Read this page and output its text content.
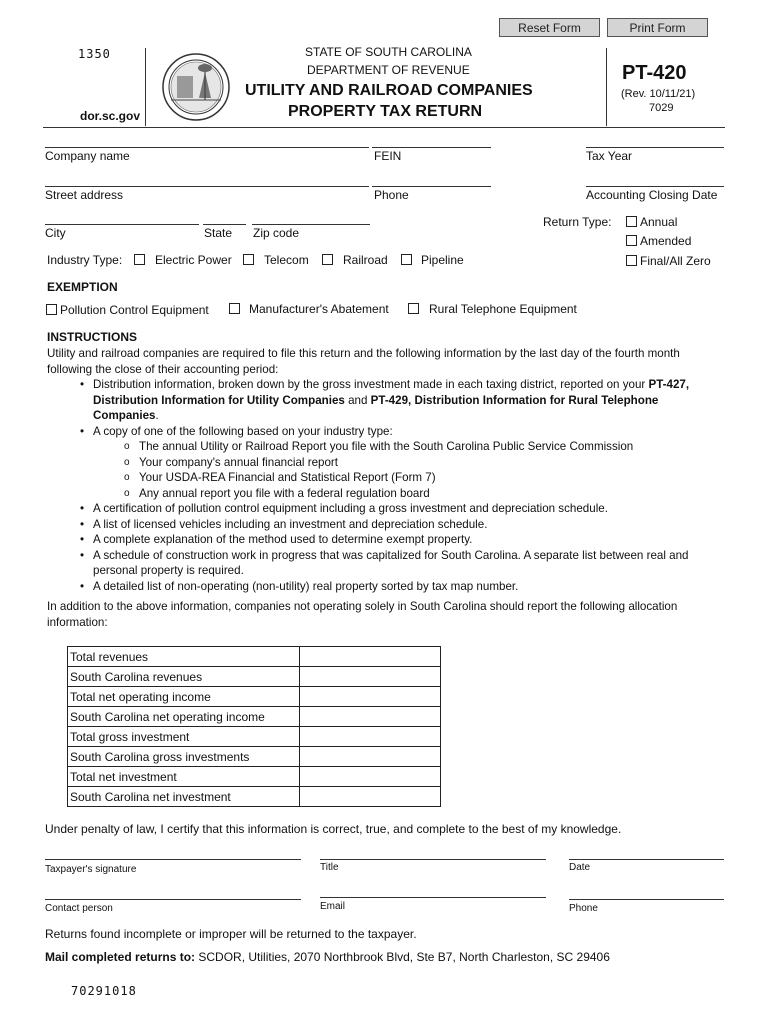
Reset Form	Print Form
1350
dor.sc.gov
STATE OF SOUTH CAROLINA
DEPARTMENT OF REVENUE
UTILITY AND RAILROAD COMPANIES
PROPERTY TAX RETURN
PT-420
(Rev. 10/11/21)
7029
Company name	FEIN	Tax Year
Street address	Phone	Accounting Closing Date
City	State Zip code
Return Type: Annual
Amended
Final/All Zero
Industry Type:	Electric Power	Telecom	Railroad	Pipeline
EXEMPTION
Pollution Control Equipment	Manufacturer's Abatement	Rural Telephone Equipment
INSTRUCTIONS
Utility and railroad companies are required to file this return and the following information by the last day of the fourth month following the close of their accounting period:
• Distribution information, broken down by the gross investment made in each taxing district, reported on your PT-427, Distribution Information for Utility Companies and PT-429, Distribution Information for Rural Telephone Companies.
• A copy of one of the following based on your industry type:
o The annual Utility or Railroad Report you file with the South Carolina Public Service Commission
o Your company's annual financial report
o Your USDA-REA Financial and Statistical Report (Form 7)
o Any annual report you file with a federal regulation board
• A certification of pollution control equipment including a gross investment and depreciation schedule.
• A list of licensed vehicles including an investment and depreciation schedule.
• A complete explanation of the method used to determine exempt property.
• A schedule of construction work in progress that was capitalized for South Carolina. A separate list between real and personal property is required.
• A detailed list of non-operating (non-utility) real property sorted by tax map number.
In addition to the above information, companies not operating solely in South Carolina should report the following allocation information:
Total revenues	
South Carolina revenues	
Total net operating income	
South Carolina net operating income	
Total gross investment	
South Carolina gross investments	
Total net investment	
South Carolina net investment	
Under penalty of law, I certify that this information is correct, true, and complete to the best of my knowledge.
Taxpayer's signature	Title	Date
Contact person	Email	Phone
Returns found incomplete or improper will be returned to the taxpayer.
Mail completed returns to: SCDOR, Utilities, 2070 Northbrook Blvd, Ste B7, North Charleston, SC 29406
70291018
